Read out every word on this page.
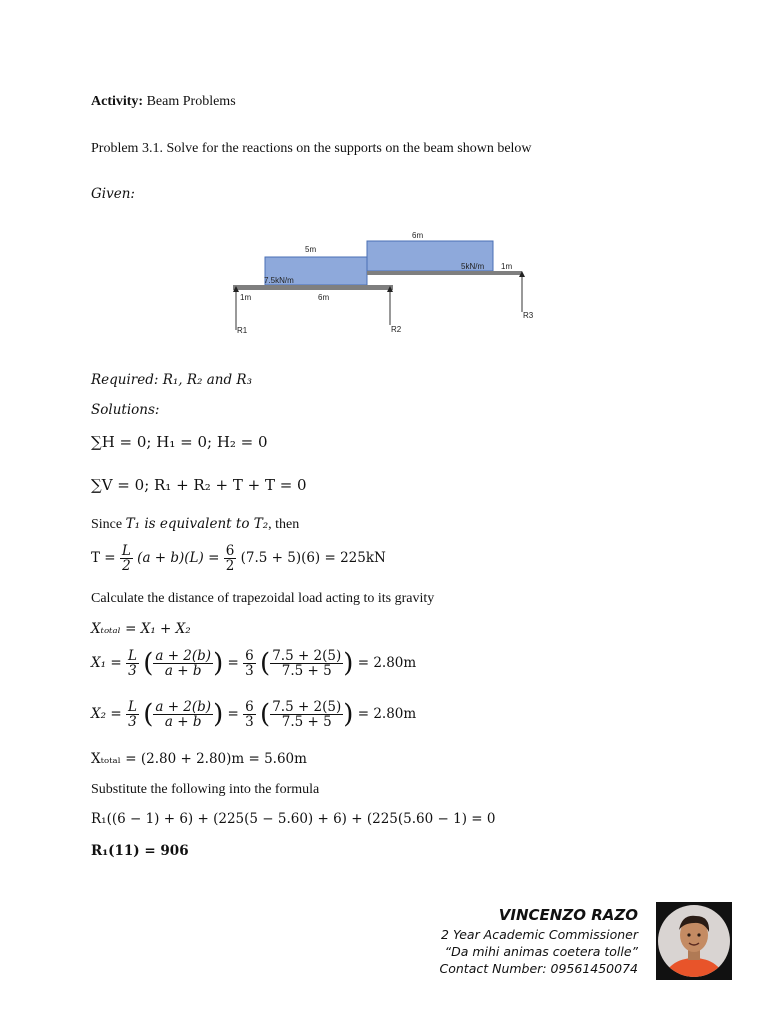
Activity: Beam Problems
Problem 3.1. Solve for the reactions on the supports on the beam shown below
Given:
5m
6m
7.5kN/m
5kN/m 1m
1m	6m
R1	R2
R3
Required: R₁, R₂ and R₃
Solutions:
∑H = 0; H₁ = 0; H₂ = 0
∑V = 0; R₁ + R₂ + T + T = 0
Since T₁ is equivalent to T₂, then
$T = \frac{L}{2} (a + b)(L) = \frac{6}{2} (7.5 + 5)(6) = 225kN$
Calculate the distance of trapezoidal load acting to its gravity
Xₜₒₜₐₗ = X₁ + X₂
$X_1 = \frac{L}{3}$ ( $\frac{a + 2(b)}{a + b}$ ) = $\frac{6}{3}$ ( $\frac{7.5 + 2(5)}{7.5 + 5}$ ) = 2.80m
$X_2 = \frac{L}{3}$ ( $\frac{a + 2(b)}{a + b}$ ) = $\frac{6}{3}$ ( $\frac{7.5 + 2(5)}{7.5 + 5}$ ) = 2.80m
Xₜₒₜₐₗ = (2.80 + 2.80)m = 5.60m
Substitute the following into the formula
R₁((6 − 1) + 6) + (225(5 − 5.60) + 6) + (225(5.60 − 1) = 0
R₁(11) = 906
VINCENZO RAZO
2 Year Academic Commissioner
“Da mihi animas coetera tolle”
Contact Number: 09561450074
